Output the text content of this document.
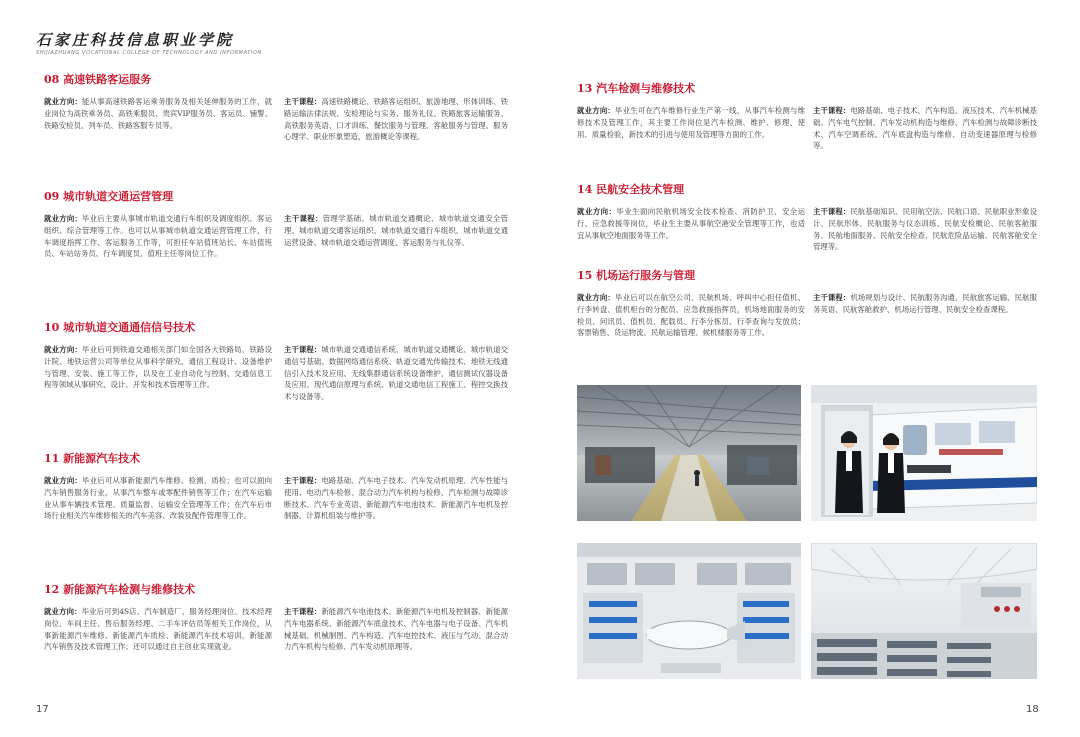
石家庄科技信息职业学院
SHIJIAZHUANG VOCATIONAL COLLEGE OF TECHNOLOGY AND INFORMATION
08 高速铁路客运服务
就业方向：能从事高速铁路客运乘务服务及相关延伸服务的工作，就业岗位为高铁乘务员、高铁乘服员、贵宾VIP服务员、客运员、铺警、铁路安检员、列车员、铁路客服专员等。
主干课程：高速铁路概论、铁路客运组织、旅游地理、形体训练、铁路运输法律法规、安检理论与实务、服务礼仪、铁路旅客运输服务、高铁服务英语、口才训练、餐饮服务与管理、客舱服务与管理、服务心理学、职业形象塑造，旅游概论等课程。
09 城市轨道交通运营管理
就业方向：毕业后主要从事城市轨道交通行车组织及调度组织、客运组织、综合管理等工作。也可以从事城市轨道交通运营管理工作，行车调度指挥工作、客运服务工作等，可担任车站值班站长、车站值班员、车站站务员、行车调度员、值班主任等岗位工作。
主干课程：管理学基础、城市轨道交通概论、城市轨道交通安全管理、城市轨道交通客运组织、城市轨道交通行车组织、城市轨道交通运营设备、城市轨道交通运营调度、客运服务与礼仪等。
10 城市轨道交通通信信号技术
就业方向：毕业后可到铁道交通相关部门如全国各大铁路局、铁路设计院、地铁运营公司等单位从事科学研究、通信工程设计、设备维护与管理、安装、施工等工作，以及在工业自动化与控制、交通信息工程等领域从事研究、设计、开发和技术管理等工作。
主干课程：城市轨道交通通信系统、城市轨道交通概论、城市轨道交通信号基础、数据网络通信系统、轨道交通光传输技术、地铁无线通信引入技术及应用、无线集群通信系统设备维护，通信测试仪器设备及应用、现代通信原理与系统、轨道交通电信工程施工、程控交换技术与设备等。
11 新能源汽车技术
就业方向：毕业后可从事新能源汽车维修、检测、质检；也可以面向汽车销售服务行业，从事汽车整车或零配件销售等工作；在汽车运输业从事车辆技术管理、质量监督、运输安全管理等工作；在汽车后市场行业相关汽车维修相关的汽车美容、改装及配件管理等工作。
主干课程：电路基础、汽车电子技术、汽车发动机原理、汽车性能与使用、电动汽车检修、混合动力汽车机构与检修、汽车检测与故障诊断技术、汽车专业英语、新能源汽车电池技术、新能源汽车电机及控制器、计算机组装与维护等。
12 新能源汽车检测与维修技术
就业方向：毕业后可到4S店、汽车制造厂、服务经理岗位、技术经理岗位、车间主任、售后服务经理、二手车评估员等相关工作岗位，从事新能源汽车维修、新能源汽车质检、新能源汽车技术培训、新能源汽车销售及技术管理工作；还可以通过自主创业实现就业。
主干课程：新能源汽车电池技术、新能源汽车电机及控制器、新能源汽车电器系统、新能源汽车底盘技术、汽车电器与电子设备、汽车机械基础、机械制图、汽车构造、汽车电控技术、液压与气动、混合动力汽车机构与检修、汽车发动机原理等。
17
13 汽车检测与维修技术
就业方向：毕业生可在汽车维修行业生产第一线，从事汽车检测与维修技术及管理工作，其主要工作岗位是汽车检测、维护、修理、使用、质量检验，新技术的引进与使用及管理等方面的工作。
主干课程：电路基础、电子技术、汽车构造、液压技术、汽车机械基础、汽车电气控制、汽车发动机构造与维修、汽车检测与故障诊断技术、汽车空调系统、汽车底盘构造与维修、自动变速器原理与检修等。
14 民航安全技术管理
就业方向：毕业生面向民航机场安全技术检查、消防护卫、安全运行、应急救援等岗位，毕业生主要从事航空港安全管理等工作，也适宜从事航空地面服务等工作。
主干课程：民航基础知识、民用航空法、民航口语、民航职业形象设计、民航形体、民航服务与仪态训练、民航安检概论、民航客舱服务、民航地面服务、民航安全检查、民航危险品运输、民航客舱安全管理等。
15 机场运行服务与管理
就业方向：毕业后可以在航空公司、民航机场、呼叫中心担任值机、行李转盘、值机柜台的分配员、应急救援指挥员，机场地面服务的安检员、问讯员、值机员、配载员、行李分拣员、行李查询与发放员；客票销售、货运物流、民航运输管理、候机楼服务等工作。
主干课程：机场规划与设计、民航服务沟通、民航旅客运输、民航服务英语、民航客舱救护、机场运行管理、民航安全检查课程。
18
